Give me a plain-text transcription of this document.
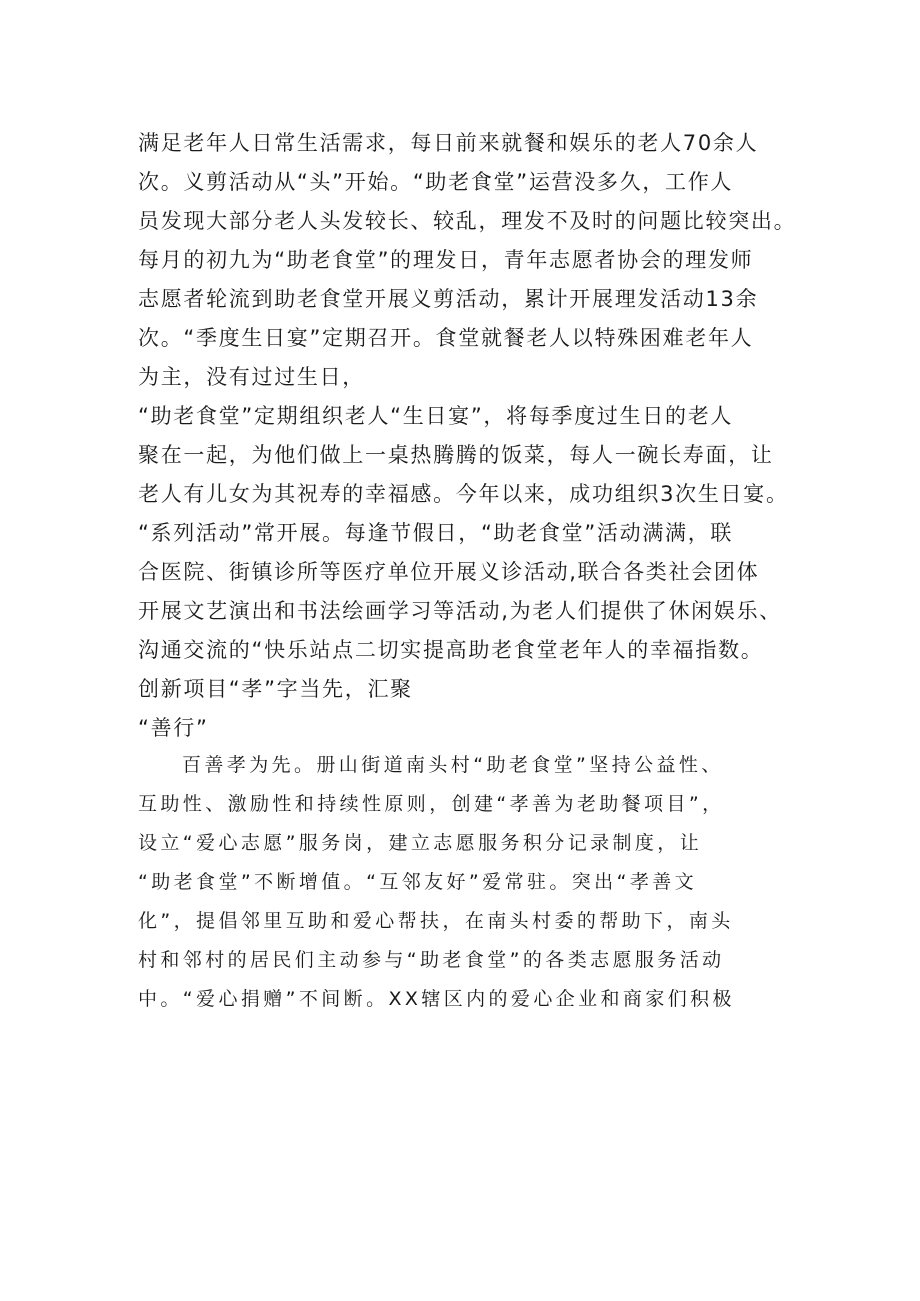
满足老年人日常生活需求，每日前来就餐和娱乐的老人70余人
次。义剪活动从“头”开始。“助老食堂”运营没多久，工作人
员发现大部分老人头发较长、较乱，理发不及时的问题比较突出。
每月的初九为“助老食堂”的理发日，青年志愿者协会的理发师
志愿者轮流到助老食堂开展义剪活动，累计开展理发活动13余
次。“季度生日宴”定期召开。食堂就餐老人以特殊困难老年人
为主，没有过过生日，
“助老食堂”定期组织老人“生日宴”，将每季度过生日的老人
聚在一起，为他们做上一桌热腾腾的饭菜，每人一碗长寿面，让
老人有儿女为其祝寿的幸福感。今年以来，成功组织3次生日宴。
“系列活动”常开展。每逢节假日，“助老食堂”活动满满，联
合医院、街镇诊所等医疗单位开展义诊活动,联合各类社会团体
开展文艺演出和书法绘画学习等活动,为老人们提供了休闲娱乐、
沟通交流的“快乐站点二切实提高助老食堂老年人的幸福指数。
创新项目“孝”字当先，汇聚
“善行”
百善孝为先。册山街道南头村“助老食堂”坚持公益性、
互助性、激励性和持续性原则，创建“孝善为老助餐项目”，
设立“爱心志愿”服务岗，建立志愿服务积分记录制度，让
“助老食堂”不断增值。“互邻友好”爱常驻。突出“孝善文
化”，提倡邻里互助和爱心帮扶，在南头村委的帮助下，南头
村和邻村的居民们主动参与“助老食堂”的各类志愿服务活动
中。“爱心捐赠”不间断。XX辖区内的爱心企业和商家们积极
